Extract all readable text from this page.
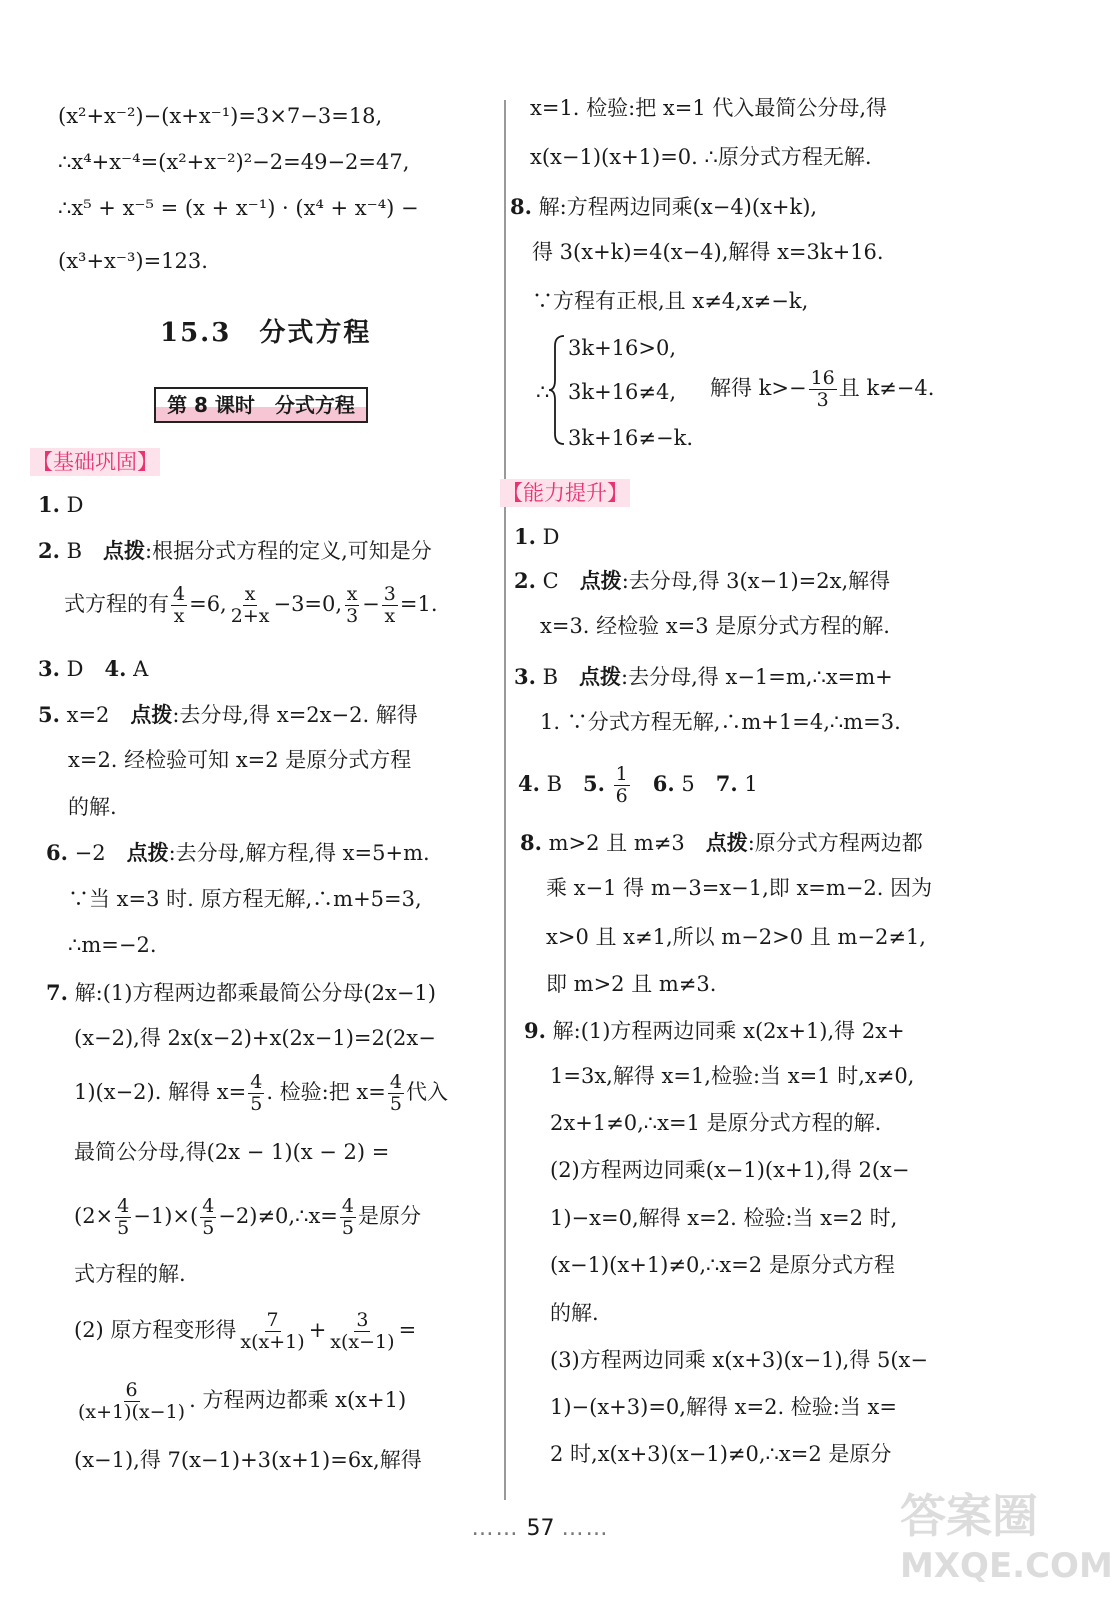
(x²+x⁻²)−(x+x⁻¹)=3×7−3=18,
∴x⁴+x⁻⁴=(x²+x⁻²)²−2=49−2=47,
∴x⁵ + x⁻⁵ = (x + x⁻¹) · (x⁴ + x⁻⁴) −
(x³+x⁻³)=123.
15.3　分式方程
第 8 课时　分式方程
【基础巩固】
1. D
2. B　点拨:根据分式方程的定义,可知是分
式方程的有 $\frac{4}{x} =6$, $\frac{x}{2+x} -3=0$, $\frac{x}{3} - \frac{3}{x} =1$.
3. D　4. A
5. x=2　点拨:去分母,得 x=2x−2. 解得
x=2. 经检验可知 x=2 是原分式方程
的解.
6. −2　点拨:去分母,解方程,得 x=5+m.
∵当 x=3 时. 原方程无解,∴m+5=3,
∴m=−2.
7. 解:(1)方程两边都乘最简公分母(2x−1)
(x−2),得 2x(x−2)+x(2x−1)=2(2x−
1)(x−2). 解得 $x= \frac{4}{5}$ . 检验:把 $x= \frac{4}{5}$ 代入
最简公分母,得(2x − 1)(x − 2) =
$(2\times \frac{4}{5} -1)\times( \frac{4}{5}$ −2)≠0,∴x= $\frac{4}{5}$ 是原分
式方程的解.
(2) 原方程变形得 $\frac{7}{x(x+1)} + \frac{3}{x(x-1)}$ =
$\frac{6}{(x+1)(x-1)}$ . 方程两边都乘 x(x+1)
(x−1),得 7(x−1)+3(x+1)=6x,解得
x=1. 检验:把 x=1 代入最简公分母,得
x(x−1)(x+1)=0. ∴原分式方程无解.
8. 解:方程两边同乘(x−4)(x+k),
得 3(x+k)=4(x−4),解得 x=3k+16.
∵方程有正根,且 x≠4,x≠−k,
∴
3k+16>0,
3k+16≠4, 解得 $k>- \frac{16}{3}$ 且 k≠−4.
3k+16≠−k.
【能力提升】
1. D
2. C　点拨:去分母,得 3(x−1)=2x,解得
x=3. 经检验 x=3 是原分式方程的解.
3. B　点拨:去分母,得 x−1=m,∴x=m+
1. ∵分式方程无解,∴m+1=4,∴m=3.
4. B　5. $\frac{1}{6}$
　 6. 5　7. 1
8. m>2 且 m≠3　点拨:原分式方程两边都
乘 x−1 得 m−3=x−1,即 x=m−2. 因为
x>0 且 x≠1,所以 m−2>0 且 m−2≠1,
即 m>2 且 m≠3.
9. 解:(1)方程两边同乘 x(2x+1),得 2x+
1=3x,解得 x=1,检验:当 x=1 时,x≠0,
2x+1≠0,∴x=1 是原分式方程的解.
(2)方程两边同乘(x−1)(x+1),得 2(x−
1)−x=0,解得 x=2. 检验:当 x=2 时,
(x−1)(x+1)≠0,∴x=2 是原分式方程
的解.
(3)方程两边同乘 x(x+3)(x−1),得 5(x−
1)−(x+3)=0,解得 x=2. 检验:当 x=
2 时,x(x+3)(x−1)≠0,∴x=2 是原分
…… 57 ……	答案圈
MXQE.COM
